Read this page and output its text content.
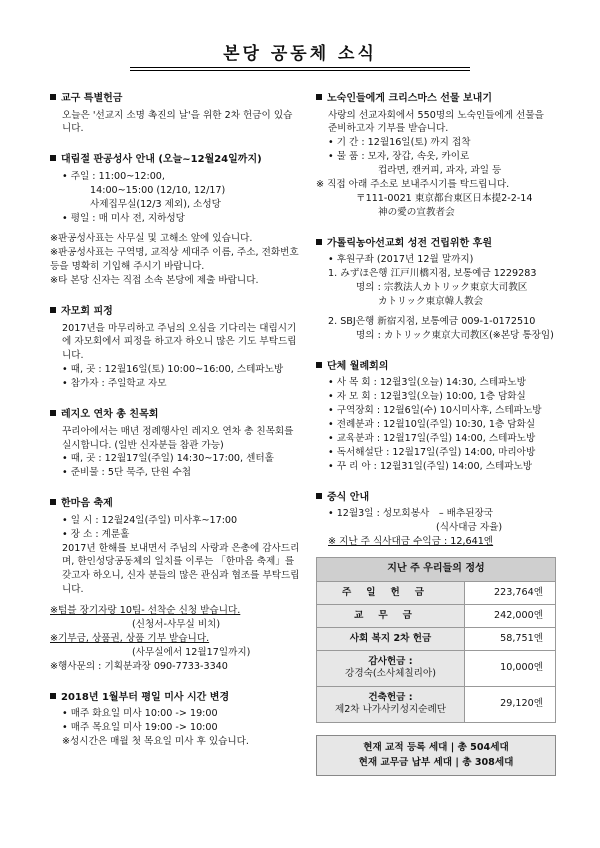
본당 공동체 소식
교구 특별헌금
오늘은 '선교지 소명 촉진의 날'을 위한 2차 헌금이 있습니다.
대림절 판공성사 안내 (오늘~12월24일까지)
• 주일 : 11:00~12:00,
14:00~15:00 (12/10, 12/17)
사제집무실(12/3 제외), 소성당
• 평일 : 매 미사 전, 지하성당
※판공성사표는 사무실 및 고해소 앞에 있습니다.
※판공성사표는 구역명, 교적상 세대주 이름, 주소, 전화번호 등을 명확히 기입해 주시기 바랍니다.
※타 본당 신자는 직접 소속 본당에 제출 바랍니다.
자모회 피정
2017년을 마무리하고 주님의 오심을 기다리는 대림시기에 자모회에서 피정을 하고자 하오니 많은 기도 부탁드립니다.
• 때, 곳 : 12월16일(토) 10:00~16:00, 스테파노방
• 참가자 : 주일학교 자모
레지오 연차 총 친목회
꾸리아에서는 매년 정례행사인 레지오 연차 총 친목회를 실시합니다. (일반 신자분들 참관 가능)
• 때, 곳 : 12월17일(주일) 14:30~17:00, 센터홀
• 준비물 : 5단 묵주, 단원 수첩
한마음 축제
• 일 시 : 12월24일(주일) 미사후~17:00
• 장 소 : 계룬홀
2017년 한해를 보내면서 주님의 사랑과 은총에 감사드리며, 한인성당공동체의 일치를 이루는 「한마음 축제」를 갖고자 하오니, 신자 분들의 많은 관심과 협조를 부탁드립니다.
※텀블 장기자랑 10팀- 선착순 신청 받습니다.
(신청서-사무실 비치)
※기부금, 상품권, 상품 기부 받습니다.
(사무실에서 12월17일까지)
※행사문의 : 기획분과장 090-7733-3340
2018년 1월부터 평일 미사 시간 변경
• 매주 화요일 미사 10:00 -> 19:00
• 매주 목요일 미사 19:00 -> 10:00
※성시간은 매월 첫 목요일 미사 후 있습니다.
노숙인들에게 크리스마스 선물 보내기
사랑의 선교자회에서 550명의 노숙인들에게 선물을 준비하고자 기부를 받습니다.
• 기 간 : 12월16일(토) 까지 접착
• 물 품 : 모자, 장갑, 속옷, 카이로
컵라면, 캔커피, 과자, 과일 등
※ 직접 아래 주소로 보내주시기를 탁드립니다.
〒111-0021 東京都台東区日本提2-2-14
神の愛の宣教者会
가톨릭농아선교회 성전 건립위한 후원
• 후원구좌 (2017년 12월 말까지)
1. みずほ은행 江戸川橋지점, 보통예금 1229283
명의 : 宗教法人カトリック東京大司教区
カトリック東京韓人教会
2. SBJ은행 新宿지점, 보통예금 009-1-0172510
명의 : カトリック東京大司教区(※본당 통장임)
단체 월례회의
• 사 목 회 : 12월3일(오늘) 14:30, 스테파노방
• 자 모 회 : 12월3일(오늘) 10:00, 1층 담화실
• 구역장회 : 12월6일(수) 10시미사후, 스테파노방
• 전례분과 : 12월10일(주일) 10:30, 1층 담화실
• 교육분과 : 12월17일(주일) 14:00, 스테파노방
• 독서해설단 : 12월17일(주일) 14:00, 마리아방
• 꾸 리 아 : 12월31일(주일) 14:00, 스테파노방
중식 안내
• 12월3일 : 성모회봉사　– 배추된장국
(식사대금 자율)
※ 지난 주 식사대금 수익금 : 12,641엔
지난 주 우리들의 정성	
주일헌금	223,764엔
교무금	242,000엔
사회 복지 2차 헌금	58,751엔

감사헌금 :
강경숙(소사체칠리아)	10,000엔

건축헌금 :
제2차 나가사키성지순례단	29,120엔
현재 교적 등록 세대 | 총 504세대
현재 교무금 납부 세대 | 총 308세대
